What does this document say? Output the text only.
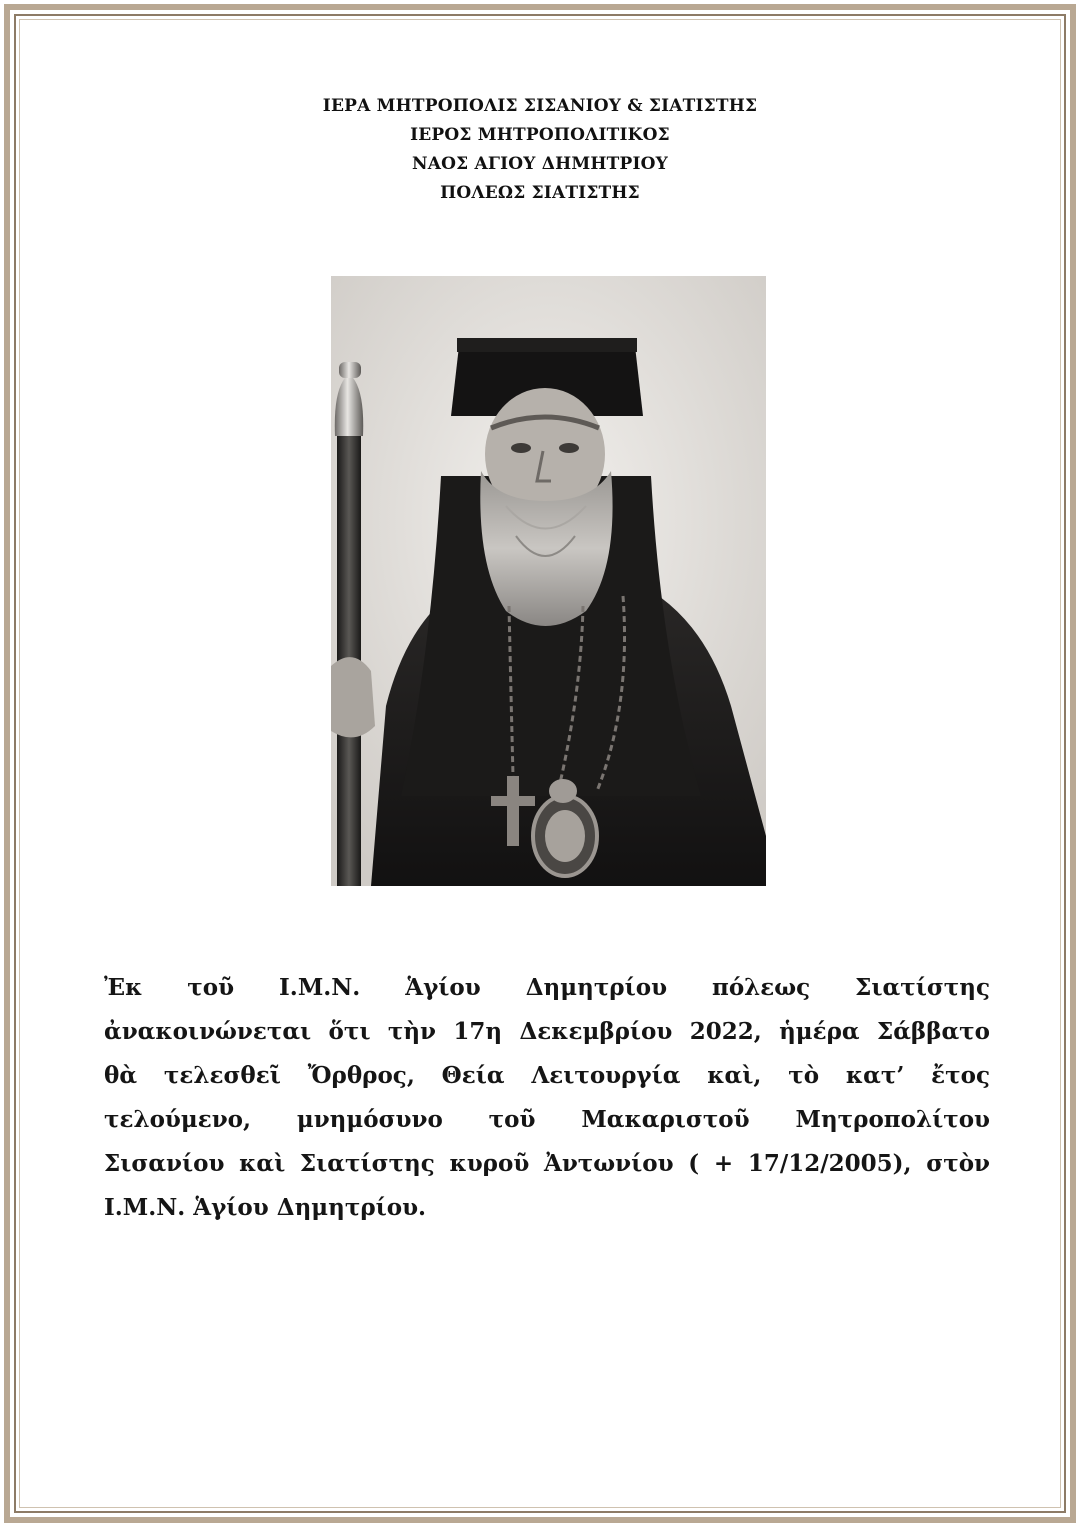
ΙΕΡΑ ΜΗΤΡΟΠΟΛΙΣ ΣΙΣΑΝΙΟΥ & ΣΙΑΤΙΣΤΗΣ
ΙΕΡΟΣ ΜΗΤΡΟΠΟΛΙΤΙΚΟΣ
ΝΑΟΣ ΑΓΙΟΥ ΔΗΜΗΤΡΙΟΥ
ΠΟΛΕΩΣ ΣΙΑΤΙΣΤΗΣ
Ἐκ τοῦ Ι.Μ.Ν. Ἁγίου Δημητρίου πόλεως Σιατίστης
ἀνακοινώνεται ὅτι τὴν 17η Δεκεμβρίου 2022, ἡμέρα Σάββατο
θὰ τελεσθεῖ Ὄρθρος, Θεία Λειτουργία καὶ, τὸ κατ’ ἔτος
τελούμενο, μνημόσυνο τοῦ Μακαριστοῦ Μητροπολίτου
Σισανίου καὶ Σιατίστης κυροῦ Ἀντωνίου ( + 17/12/2005), στὸν
Ι.Μ.Ν. Ἁγίου Δημητρίου.
